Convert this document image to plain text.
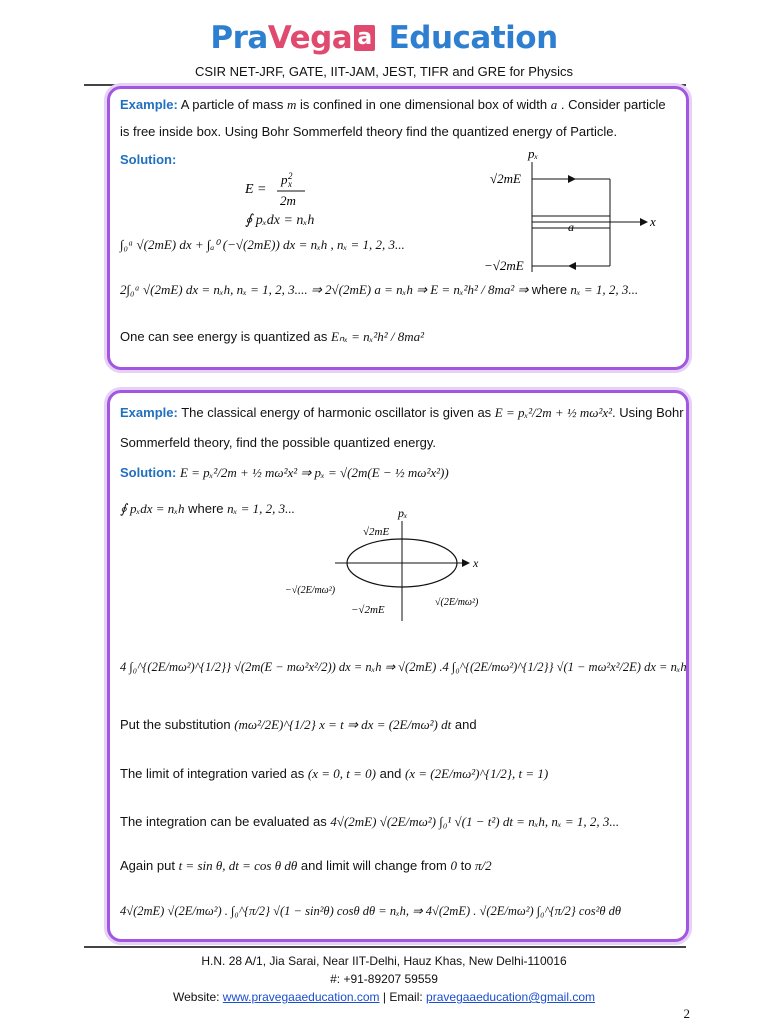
PraVega a Education
CSIR NET-JRF, GATE, IIT-JAM, JEST, TIFR and GRE for Physics
Example: A particle of mass m is confined in one dimensional box of width a . Consider particle
is free inside box. Using Bohr Sommerfeld theory find the quantized energy of Particle.
Solution:
E =
p 2
x
2m
∮ pₓdx = nₓh
∫₀ᵃ √(2mE) dx + ∫ₐ⁰ (−√(2mE)) dx = nₓh , nₓ = 1, 2, 3...
2∫₀ᵃ √(2mE) dx = nₓh, nₓ = 1, 2, 3.... ⇒ 2√(2mE) a = nₓh ⇒ E = nₓ²h² / 8ma² ⇒ where nₓ = 1, 2, 3...
One can see energy is quantized as Eₙₓ = nₓ²h² / 8ma²
pₓ
x
a
√2mE
−√2mE
Example: The classical energy of harmonic oscillator is given as E = pₓ²/2m + ½ mω²x². Using Bohr
Sommerfeld theory, find the possible quantized energy.
Solution: E = pₓ²/2m + ½ mω²x² ⇒ pₓ = √(2m(E − ½ mω²x²))
∮ pₓdx = nₓh where nₓ = 1, 2, 3...	pₓ
x
√2mE
−√2mE
−√(2E/mω²)
√(2E/mω²)
4 ∫₀^{(2E/mω²)^{1/2}} √(2m(E − mω²x²/2)) dx = nₓh ⇒ √(2mE) .4 ∫₀^{(2E/mω²)^{1/2}} √(1 − mω²x²/2E) dx = nₓh
Put the substitution (mω²/2E)^{1/2} x = t ⇒ dx = (2E/mω²) dt and
The limit of integration varied as (x = 0, t = 0) and (x = (2E/mω²)^{1/2}, t = 1)
The integration can be evaluated as 4√(2mE) √(2E/mω²) ∫₀¹ √(1 − t²) dt = nₓh, nₓ = 1, 2, 3...
Again put t = sin θ, dt = cos θ dθ and limit will change from 0 to π/2
4√(2mE) √(2E/mω²) . ∫₀^{π/2} √(1 − sin²θ) cosθ dθ = nₓh, ⇒ 4√(2mE) . √(2E/mω²) ∫₀^{π/2} cos²θ dθ
H.N. 28 A/1, Jia Sarai, Near IIT-Delhi, Hauz Khas, New Delhi-110016
#: +91-89207 59559
Website: www.pravegaaeducation.com | Email: pravegaaeducation@gmail.com
2
